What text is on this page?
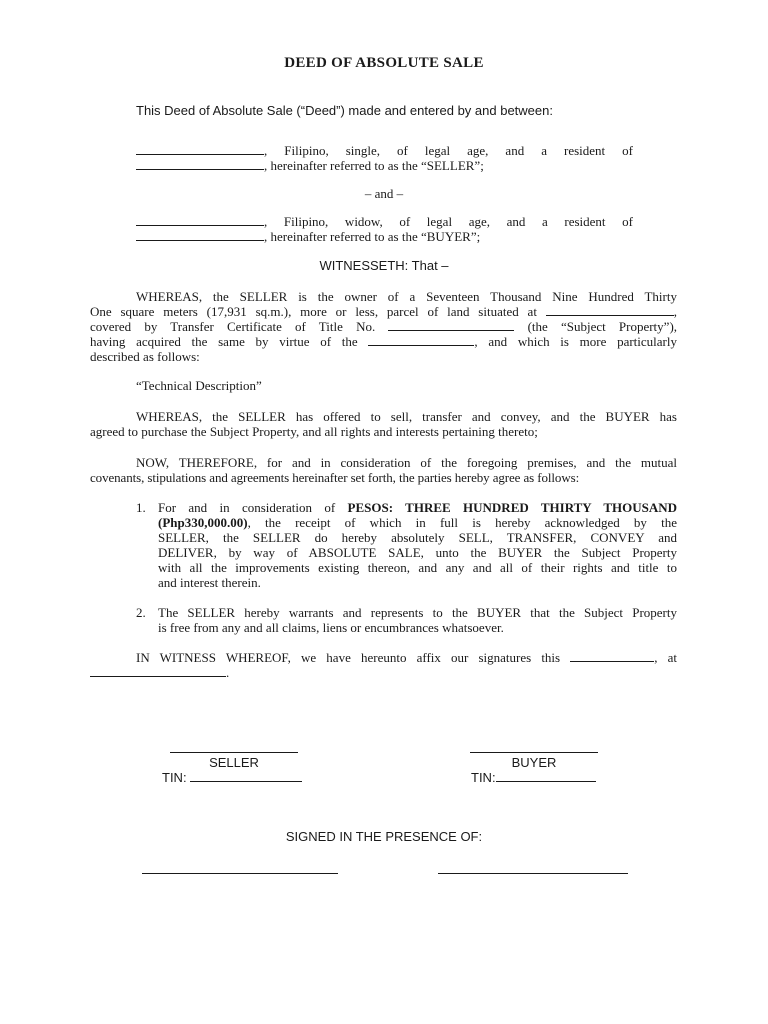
DEED OF ABSOLUTE SALE
This Deed of Absolute Sale (“Deed”) made and entered by and between:
, Filipino, single, of legal age, and a resident of
, hereinafter referred to as the “SELLER”;
– and –
, Filipino, widow, of legal age, and a resident of
, hereinafter referred to as the “BUYER”;
WITNESSETH: That –
WHEREAS, the SELLER is the owner of a Seventeen Thousand Nine Hundred Thirty
One square meters (17,931 sq.m.), more or less, parcel of land situated at	,
covered by Transfer Certificate of Title No.	(the “Subject Property”),
having acquired the same by virtue of the	, and which is more particularly
described as follows:
“Technical Description”
WHEREAS, the SELLER has offered to sell, transfer and convey, and the BUYER has
agreed to purchase the Subject Property, and all rights and interests pertaining thereto;
NOW, THEREFORE, for and in consideration of the foregoing premises, and the mutual
covenants, stipulations and agreements hereinafter set forth, the parties hereby agree as follows:
1. For and in consideration of PESOS: THREE HUNDRED THIRTY THOUSAND
(Php330,000.00), the receipt of which in full is hereby acknowledged by the
SELLER, the SELLER do hereby absolutely SELL, TRANSFER, CONVEY and
DELIVER, by way of ABSOLUTE SALE, unto the BUYER the Subject Property
with all the improvements existing thereon, and any and all of their rights and title to
and interest therein.
2. The SELLER hereby warrants and represents to the BUYER that the Subject Property
is free from any and all claims, liens or encumbrances whatsoever.
IN WITNESS WHEREOF, we have hereunto affix our signatures this	, at
.
SELLER	BUYER
TIN:	TIN:
SIGNED IN THE PRESENCE OF:
